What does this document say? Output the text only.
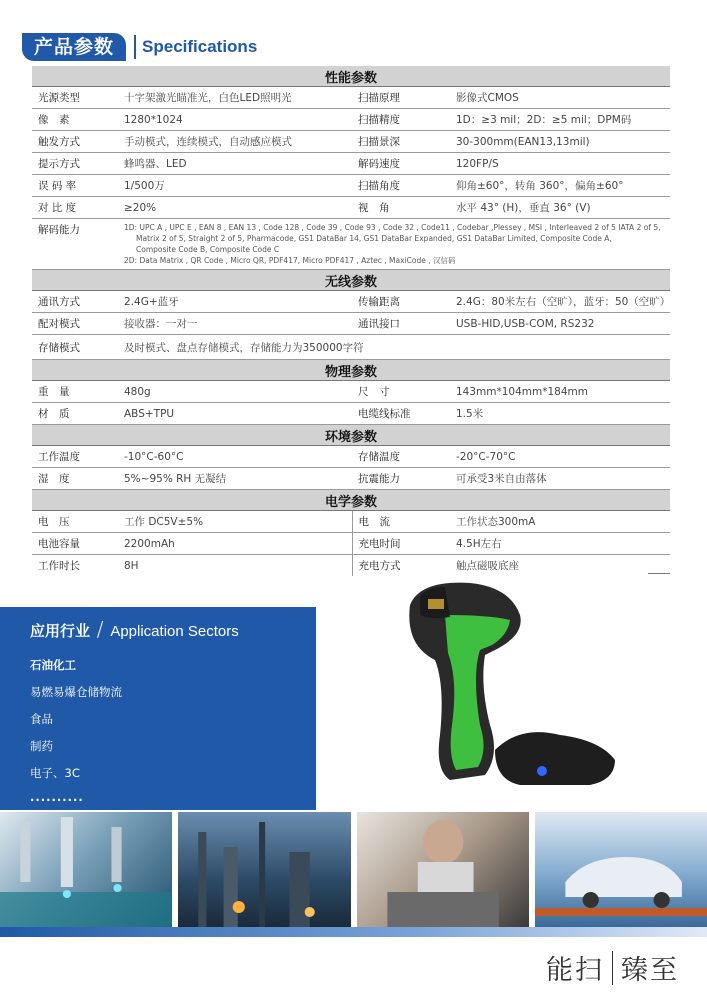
产品参数	Specifications
性能参数			
光源类型	十字架激光瞄准光，白色LED照明光	扫描原理	影像式CMOS
像　素	1280*1024	扫描精度	1D：≥3 mil；2D：≥5 mil；DPM码
触发方式	手动模式，连续模式，自动感应模式	扫描景深	30-300mm(EAN13,13mil)
提示方式	蜂鸣器、LED	解码速度	120FP/S
误 码 率	1/500万	扫描角度	仰角±60°，转角 360°，偏角±60°
对 比 度	≥20%	视　角	水平 43° (H)，垂直 36° (V)
解码能力	1D: UPC A , UPC E , EAN 8 , EAN 13 , Code 128 , Code 39 , Code 93 , Code 32 , Code11 , Codebar ,Plessey , MSI , Interleaved 2 of 5 IATA 2 of 5,
Matrix 2 of 5, Straight 2 of 5, Pharmacode, GS1 DataBar 14, GS1 DataBar Expanded, GS1 DataBar Limited, Composite Code A,
Composite Code B, Composite Code C
2D: Data Matrix , QR Code , Micro QR, PDF417, Micro PDF417 , Aztec , MaxiCode , 汉信码		

无线参数			
通讯方式	2.4G+蓝牙	传输距离	2.4G：80米左右（空旷），蓝牙：50（空旷）
配对模式	接收器：一对一	通讯接口	USB-HID,USB-COM, RS232
存储模式	及时模式、盘点存储模式，存储能力为350000字符		
物理参数			
重　量	480g	尺　寸	143mm*104mm*184mm
材　质	ABS+TPU	电缆线标准	1.5米
环境参数			
工作温度	-10°C-60°C	存储温度	-20°C-70°C
湿　度	5%~95% RH 无凝结	抗震能力	可承受3米自由落体
电学参数			
电　压	工作 DC5V±5%	电　流	工作状态300mA
电池容量	2200mAh	充电时间	4.5H左右
工作时长	8H	充电方式	触点磁吸底座
应用行业 / Application Sectors
石油化工
易燃易爆仓储物流
食品
制药
电子、3C
··········
能扫 臻至
